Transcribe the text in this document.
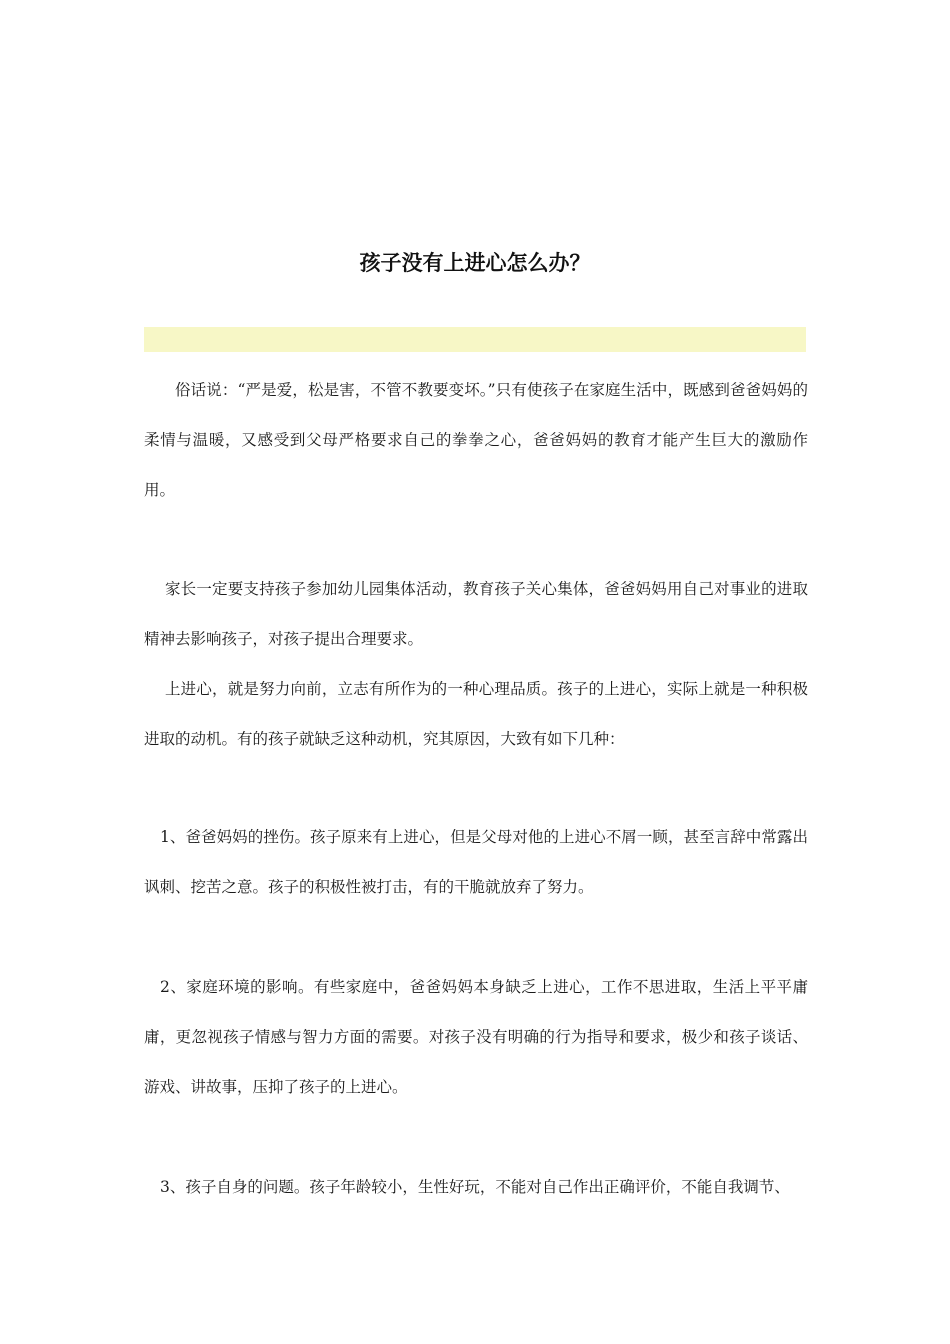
孩子没有上进心怎么办？

俗话说：“严是爱，松是害，不管不教要变坏。”只有使孩子在家庭生活中，既感到爸爸妈妈的柔情与温暖，又感受到父母严格要求自己的拳拳之心，爸爸妈妈的教育才能产生巨大的激励作用。

家长一定要支持孩子参加幼儿园集体活动，教育孩子关心集体，爸爸妈妈用自己对事业的进取精神去影响孩子，对孩子提出合理要求。

上进心，就是努力向前，立志有所作为的一种心理品质。孩子的上进心，实际上就是一种积极进取的动机。有的孩子就缺乏这种动机，究其原因，大致有如下几种：

1、爸爸妈妈的挫伤。孩子原来有上进心，但是父母对他的上进心不屑一顾，甚至言辞中常露出讽刺、挖苦之意。孩子的积极性被打击，有的干脆就放弃了努力。

2、家庭环境的影响。有些家庭中，爸爸妈妈本身缺乏上进心，工作不思进取，生活上平平庸庸，更忽视孩子情感与智力方面的需要。对孩子没有明确的行为指导和要求，极少和孩子谈话、游戏、讲故事，压抑了孩子的上进心。

3、孩子自身的问题。孩子年龄较小，生性好玩，不能对自己作出正确评价，不能自我调节、
